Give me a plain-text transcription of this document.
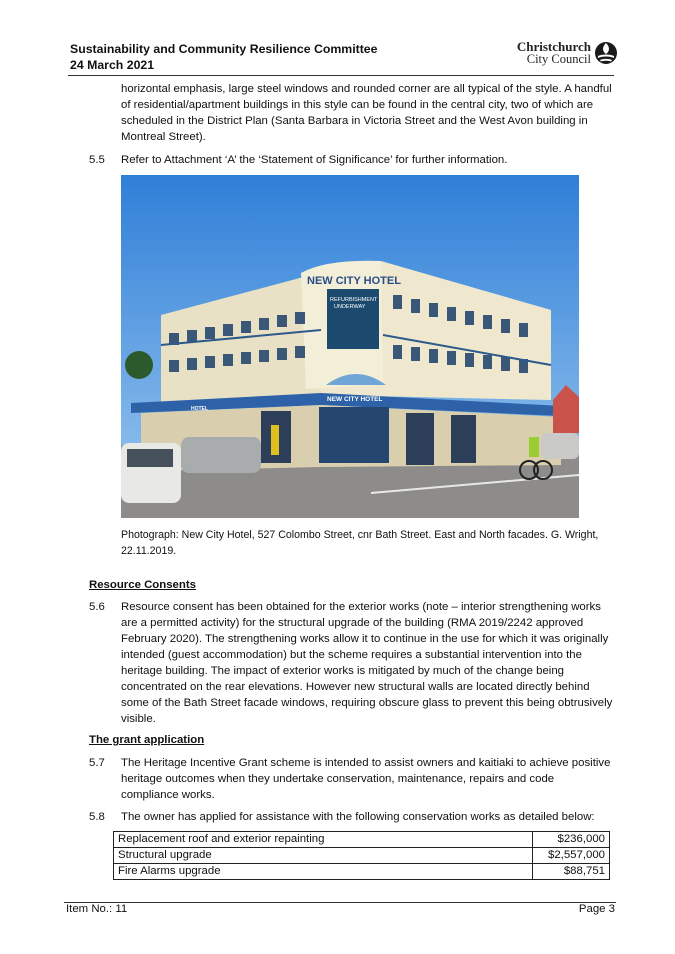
Sustainability and Community Resilience Committee
24 March 2021
Christchurch
City Council
horizontal emphasis, large steel windows and rounded corner are all typical of the style. A handful of residential/apartment buildings in this style can be found in the central city, two of which are scheduled in the District Plan (Santa Barbara in Victoria Street and the West Avon building in Montreal Street).
5.5 Refer to Attachment ‘A’ the ‘Statement of Significance’ for further information.
NEW CITY HOTEL
REFURBISHMENT
UNDERWAY
NEW CITY HOTEL
HOTEL
Photograph: New City Hotel, 527 Colombo Street, cnr Bath Street. East and North facades. G. Wright, 22.11.2019.
Resource Consents
5.6 Resource consent has been obtained for the exterior works (note – interior strengthening works are a permitted activity) for the structural upgrade of the building (RMA 2019/2242 approved February 2020). The strengthening works allow it to continue in the use for which it was originally intended (guest accommodation) but the scheme requires a substantial intervention into the heritage building. The impact of exterior works is mitigated by much of the change being concentrated on the rear elevations. However new structural walls are located directly behind some of the Bath Street facade windows, requiring obscure glass to prevent this being obtrusively visible.
The grant application
5.7 The Heritage Incentive Grant scheme is intended to assist owners and kaitiaki to achieve positive heritage outcomes when they undertake conservation, maintenance, repairs and code compliance works.
5.8 The owner has applied for assistance with the following conservation works as detailed below:
Replacement roof and exterior repainting	$236,000
Structural upgrade	$2,557,000
Fire Alarms upgrade	$88,751
Item No.: 11	Page 3
